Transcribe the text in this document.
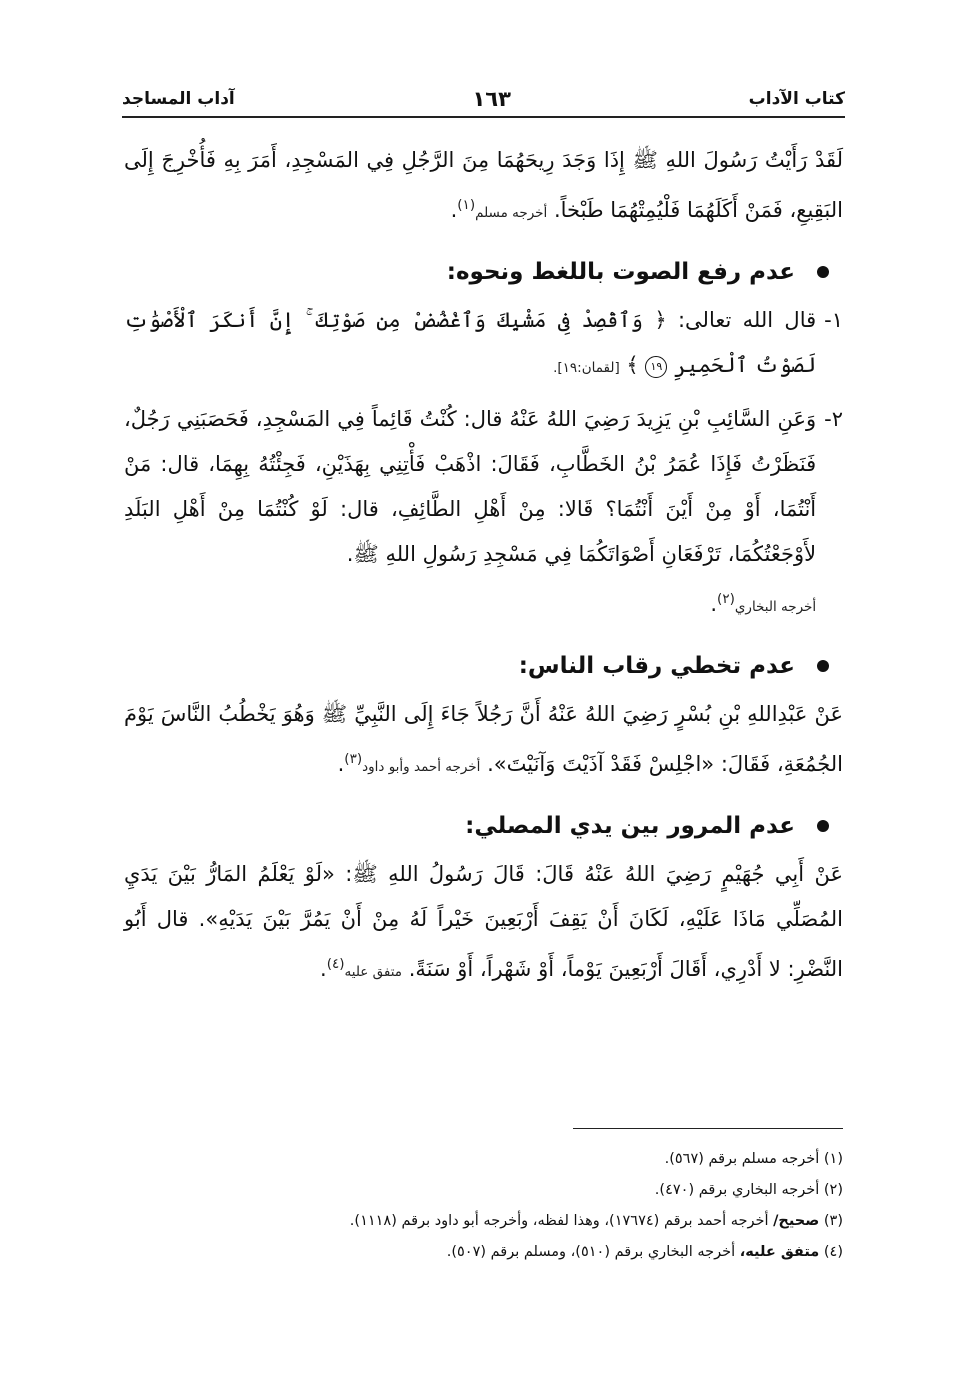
كتاب الآداب
١٦٣
آداب المساجد

لَقَدْ رَأَيْتُ رَسُولَ اللهِ ﷺ إِذَا وَجَدَ رِيحَهُمَا مِنَ الرَّجُلِ فِي المَسْجِدِ، أَمَرَ بِهِ فَأُخْرِجَ إِلَى البَقِيعِ، فَمَنْ أَكَلَهُمَا فَلْيُمِتْهُمَا طَبْخاً. أخرجه مسلم$^{(١)}$.

عدم رفع الصوت باللغط ونحوه:
١-
قال الله تعالى: ﴿ وَٱقْصِدْ فِى مَشْيِكَ وَٱغْضُضْ مِن صَوْتِكَ ۚ إِنَّ أَنكَرَ ٱلْأَصْوَٰتِ لَصَوْتُ ٱلْحَمِيرِ ١٩ ﴾ [لقمان:١٩].
٢-
وَعَنِ السَّائِبِ بْنِ يَزِيدَ رَضِيَ اللهُ عَنْهُ قال: كُنْتُ قَائِماً فِي المَسْجِدِ، فَحَصَبَنِي رَجُلٌ، فَنَظَرْتُ فَإِذَا عُمَرُ بْنُ الخَطَّابِ، فَقَالَ: اذْهَبْ فَأْتِنِي بِهَذَيْنِ، فَجِئْتُهُ بِهِمَا، قال: مَنْ أَنْتُمَا، أَوْ مِنْ أَيْنَ أَنْتُمَا؟ قَالا: مِنْ أَهْلِ الطَّائِفِ، قال: لَوْ كُنْتُمَا مِنْ أَهْلِ البَلَدِ لأَوْجَعْتُكُمَا، تَرْفَعَانِ أَصْوَاتَكُمَا فِي مَسْجِدِ رَسُولِ اللهِ ﷺ.
أخرجه البخاري$^{(٢)}$.
عدم تخطي رقاب الناس:

عَنْ عَبْدِاللهِ بْنِ بُسْرٍ رَضِيَ اللهُ عَنْهُ أَنَّ رَجُلاً جَاءَ إِلَى النَّبِيِّ ﷺ وَهُوَ يَخْطُبُ النَّاسَ يَوْمَ الجُمُعَةِ، فَقَالَ: «اجْلِسْ فَقَدْ آذَيْتَ وَآنَيْتَ». أخرجه أحمد وأبو داود$^{(٣)}$.

عدم المرور بين يدي المصلي:

عَنْ أَبِي جُهَيْمٍ رَضِيَ اللهُ عَنْهُ قَالَ: قَالَ رَسُولُ اللهِ ﷺ: «لَوْ يَعْلَمُ المَارُّ بَيْنَ يَدَيِ المُصَلِّي مَاذَا عَلَيْهِ، لَكَانَ أَنْ يَقِفَ أَرْبَعِينَ خَيْراً لَهُ مِنْ أَنْ يَمُرَّ بَيْنَ يَدَيْهِ». قال أَبُو النَّضْرِ: لا أَدْرِي، أَقَالَ أَرْبَعِينَ يَوْماً، أَوْ شَهْراً، أَوْ سَنَةً. متفق عليه$^{(٤)}$.

(١) أخرجه مسلم برقم (٥٦٧).

(٢) أخرجه البخاري برقم (٤٧٠).

(٣) صحيح/ أخرجه أحمد برقم (١٧٦٧٤)، وهذا لفظه، وأخرجه أبو داود برقم (١١١٨).

(٤) متفق عليه، أخرجه البخاري برقم (٥١٠)، ومسلم برقم (٥٠٧).
